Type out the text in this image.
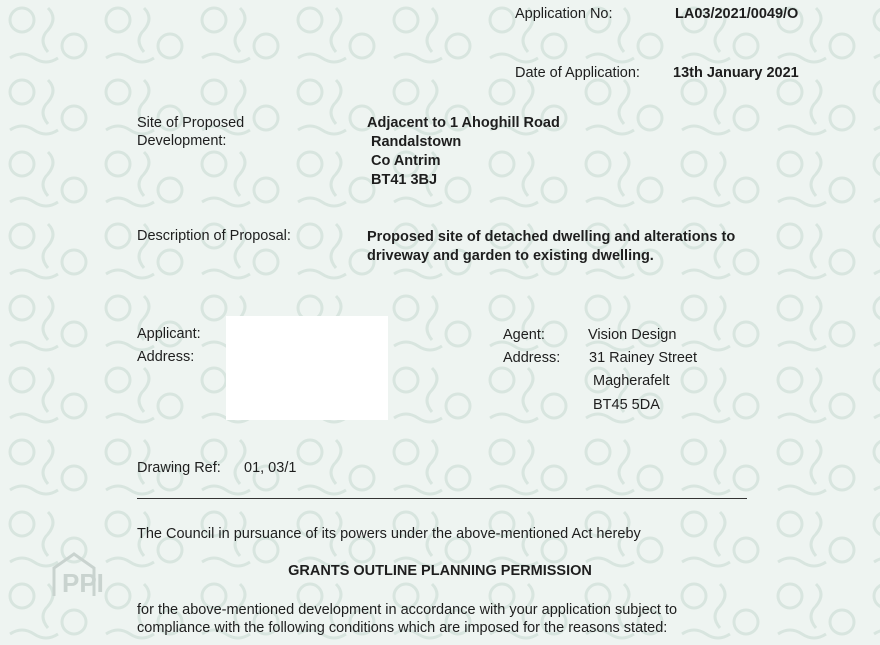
PPI
Application No:	LA03/2021/0049/O
Date of Application: 13th January 2021
Site of Proposed
Development:
Adjacent to 1 Ahoghill Road
Randalstown
Co Antrim
BT41 3BJ
Description of Proposal:	Proposed site of detached dwelling and alterations to
driveway and garden to existing dwelling.
Applicant:
Address:
Agent:	Vision Design
Address: 31 Rainey Street
Magherafelt
BT45 5DA
Drawing Ref: 01, 03/1
The Council in pursuance of its powers under the above-mentioned Act hereby
GRANTS OUTLINE PLANNING PERMISSION
for the above-mentioned development in accordance with your application subject to
compliance with the following conditions which are imposed for the reasons stated:
